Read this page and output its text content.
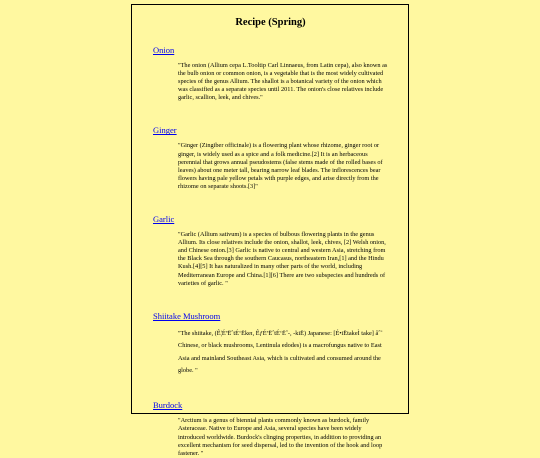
Recipe (Spring)
Onion

"The onion (Allium cepa L.Tooltip Carl Linnaeus, from Latin cepa), also known as the bulb onion or common onion, is a vegetable that is the most widely cultivated species of the genus Allium. The shallot is a botanical variety of the onion which was classified as a separate species until 2011. The onion's close relatives include garlic, scallion, leek, and chives."

Ginger

"Ginger (Zingiber officinale) is a flowering plant whose rhizome, ginger root or ginger, is widely used as a spice and a folk medicine.[2] It is an herbaceous perennial that grows annual pseudostems (false stems made of the rolled bases of leaves) about one meter tall, bearing narrow leaf blades. The inflorescences bear flowers having pale yellow petals with purple edges, and arise directly from the rhizome on separate shoots.[3]"

Garlic

"Garlic (Allium sativum) is a species of bulbous flowering plants in the genus Allium. Its close relatives include the onion, shallot, leek, chives, [2] Welsh onion, and Chinese onion.[3] Garlic is native to central and western Asia, stretching from the Black Sea through the southern Caucasus, northeastern Iran,[1] and the Hindu Kush.[4][5] It has naturalized in many other parts of the world, including Mediterranean Europe and China.[1][6] There are two subspecies and hundreds of varieties of garlic. "

Shiitake Mushroom

"The shiitake, (Ê¦ÉªËˆtÉ‘Ëkeɪ, ÊƒÉªËˆtÉ‘Ëˆ-, -kiË) Japanese: [É•iËtakeÌ take] âˆ˜ Chinese, or black mushrooms, Lentinula edodes) is a macrofungus native to East Asia and mainland Southeast Asia, which is cultivated and consumed around the globe. "

Burdock

"Arctium is a genus of biennial plants commonly known as burdock, family Asteraceae. Native to Europe and Asia, several species have been widely introduced worldwide. Burdock's clinging properties, in addition to providing an excellent mechanism for seed dispersal, led to the invention of the hook and loop fastener. "
